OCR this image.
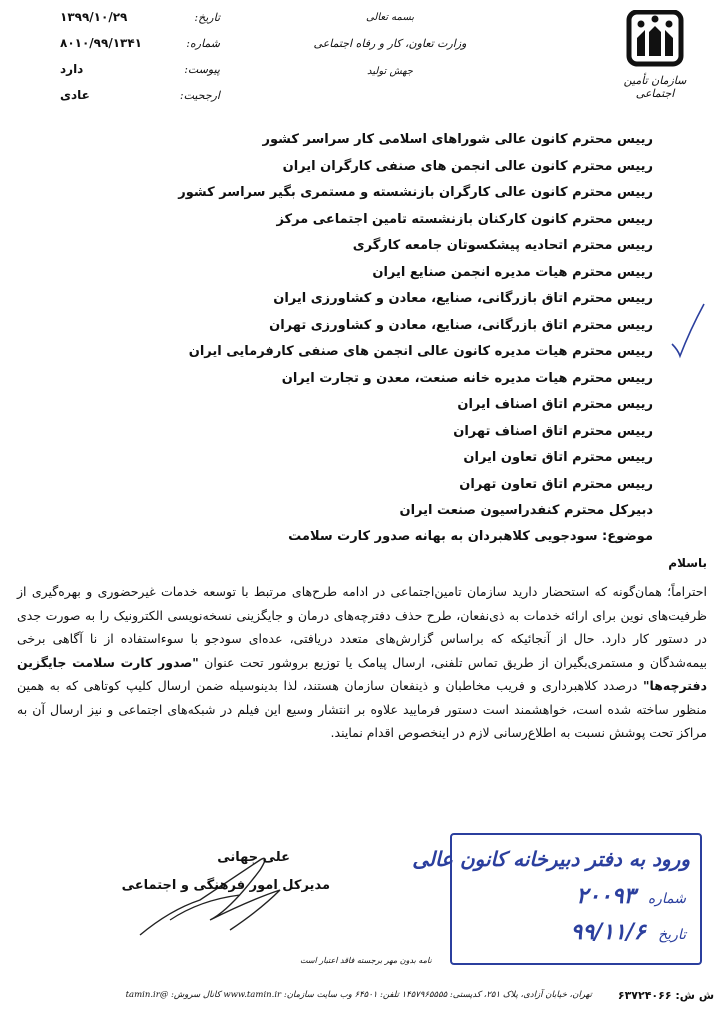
سازمان تأمین اجتماعی
بسمه تعالی
وزارت تعاون، کار و رفاه اجتماعی
جهش تولید
تاریخ:
۱۳۹۹/۱۰/۲۹
شماره:
۸۰۱۰/۹۹/۱۳۴۱
پیوست:
دارد
ارجحیت:
عادی
رییس محترم کانون عالی شوراهای اسلامی کار سراسر کشور
رییس محترم کانون عالی انجمن های صنفی کارگران ایران
رییس محترم کانون عالی کارگران بازنشسته و مستمری بگیر سراسر کشور
رییس محترم کانون کارکنان بازنشسته تامین اجتماعی مرکز
رییس محترم اتحادیه پیشکسوتان جامعه کارگری
رییس محترم هیات مدیره انجمن صنایع ایران
رییس محترم اتاق بازرگانی، صنایع، معادن و کشاورزی ایران
رییس محترم اتاق بازرگانی، صنایع، معادن و کشاورزی تهران
رییس محترم هیات مدیره کانون عالی انجمن های صنفی کارفرمایی ایران
رییس محترم هیات مدیره خانه صنعت، معدن و تجارت ایران
رییس محترم اتاق اصناف ایران
رییس محترم اتاق اصناف تهران
رییس محترم اتاق تعاون ایران
رییس محترم اتاق تعاون تهران
دبیرکل محترم کنفدراسیون صنعت ایران
موضوع: سودجویی کلاهبردان به بهانه صدور کارت سلامت
باسلام
احتراماً؛ همان‌گونه که استحضار دارید سازمان تامین‌اجتماعی در ادامه طرح‌های مرتبط با توسعه خدمات غیرحضوری و بهره‌گیری از ظرفیت‌های نوین برای ارائه خدمات به ذی‌نفعان، طرح حذف دفترچه‌های درمان و جایگزینی نسخه‌نویسی الکترونیک را به صورت جدی در دستور کار دارد. حال از آنجائیکه که براساس گزارش‌های متعدد دریافتی، عده‌ای سودجو با سوءاستفاده از نا آگاهی برخی بیمه‌شدگان و مستمری‌بگیران از طریق تماس تلفنی، ارسال پیامک یا توزیع بروشور تحت عنوان "صدور کارت سلامت جایگزین دفترچه‌ها" درصدد کلاهبرداری و فریب مخاطبان و ذینفعان سازمان هستند، لذا بدینوسیله ضمن ارسال کلیپ کوتاهی که به همین منظور ساخته شده است، خواهشمند است دستور فرمایید علاوه بر انتشار وسیع این فیلم در شبکه‌های اجتماعی و نیز ارسال آن به مراکز تحت پوشش نسبت به اطلاع‌رسانی لازم در اینخصوص اقدام نمایند.
علی جهانی
مدیرکل امور فرهنگی و اجتماعی
ورود به دفتر دبیرخانه کانون عالی
شماره ۲۰۰۹۳
تاریخ ۹۹/۱۱/۶
نامه بدون مهر برجسته فاقد اعتبار است
ش ش: ۶۳۷۲۴۰۶۶
تهران، خیابان آزادی، پلاک ۲۵۱، کدپستی: ۱۴۵۷۹۶۵۵۵۵ تلفن: ۶۴۵۰۱ وب سایت سازمان: www.tamin.ir کانال سروش: @tamin.ir
